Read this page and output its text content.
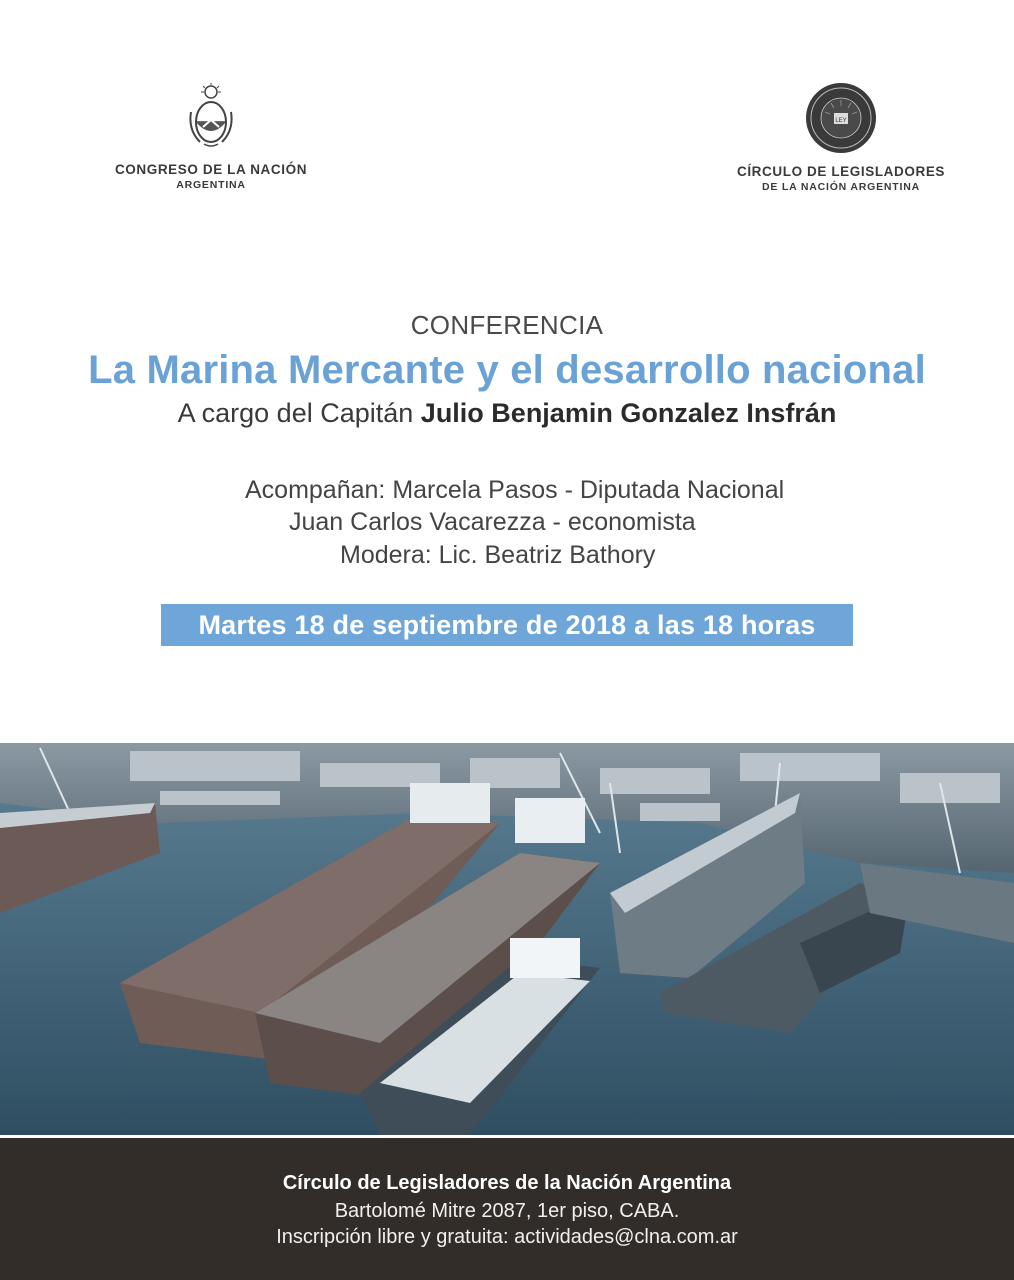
CONGRESO DE LA NACIÓN
ARGENTINA
LEY
CÍRCULO DE LEGISLADORES
DE LA NACIÓN ARGENTINA
CONFERENCIA
La Marina Mercante y el desarrollo nacional
A cargo del Capitán Julio Benjamin Gonzalez Insfrán
Acompañan: Marcela Pasos - Diputada Nacional
Juan Carlos Vacarezza - economista
Modera: Lic. Beatriz Bathory
Martes 18 de septiembre de 2018 a las 18 horas
Círculo de Legisladores de la Nación Argentina
Bartolomé Mitre 2087, 1er piso, CABA.
Inscripción libre y gratuita: actividades@clna.com.ar
